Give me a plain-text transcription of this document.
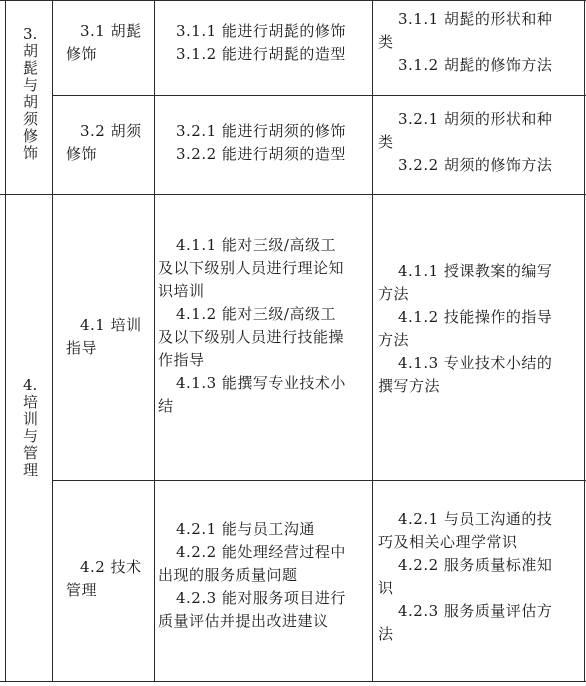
3.
胡
髭
与
胡
须
修
饰

3.1 胡髭

修饰

3.1.1 能进行胡髭的修饰

3.1.2 能进行胡髭的造型

3.1.1 胡髭的形状和种

类

3.1.2 胡髭的修饰方法

3.2 胡须

修饰

3.2.1 能进行胡须的修饰

3.2.2 能进行胡须的造型

3.2.1 胡须的形状和种

类

3.2.2 胡须的修饰方法

4.
培
训
与
管
理

4.1 培训

指导

4.1.1 能对三级/高级工

及以下级别人员进行理论知

识培训

4.1.2 能对三级/高级工

及以下级别人员进行技能操

作指导

4.1.3 能撰写专业技术小

结

4.1.1 授课教案的编写

方法

4.1.2 技能操作的指导

方法

4.1.3 专业技术小结的

撰写方法

4.2 技术

管理

4.2.1 能与员工沟通

4.2.2 能处理经营过程中

出现的服务质量问题

4.2.3 能对服务项目进行

质量评估并提出改进建议

4.2.1 与员工沟通的技

巧及相关心理学常识

4.2.2 服务质量标准知

识

4.2.3 服务质量评估方

法
